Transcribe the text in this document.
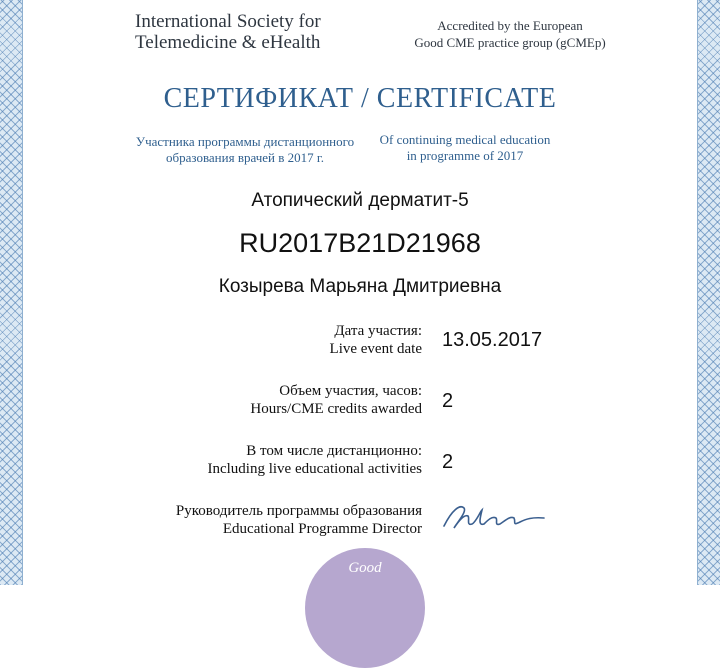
International Society for
Telemedicine & eHealth
Accredited by the European
Good CME practice group (gCMEp)
СЕРТИФИКАТ / CERTIFICATE
Участника программы дистанционного
образования врачей в 2017 г.
Of continuing medical education
in programme of 2017
Атопический дерматит-5
RU2017B21D21968
Козырева Марьяна Дмитриевна
Дата участия:
Live event date 13.05.2017
Объем участия, часов:
Hours/CME credits awarded 2
В том числе дистанционно:
Including live educational activities 2
Руководитель программы образования
Educational Programme Director
Good
